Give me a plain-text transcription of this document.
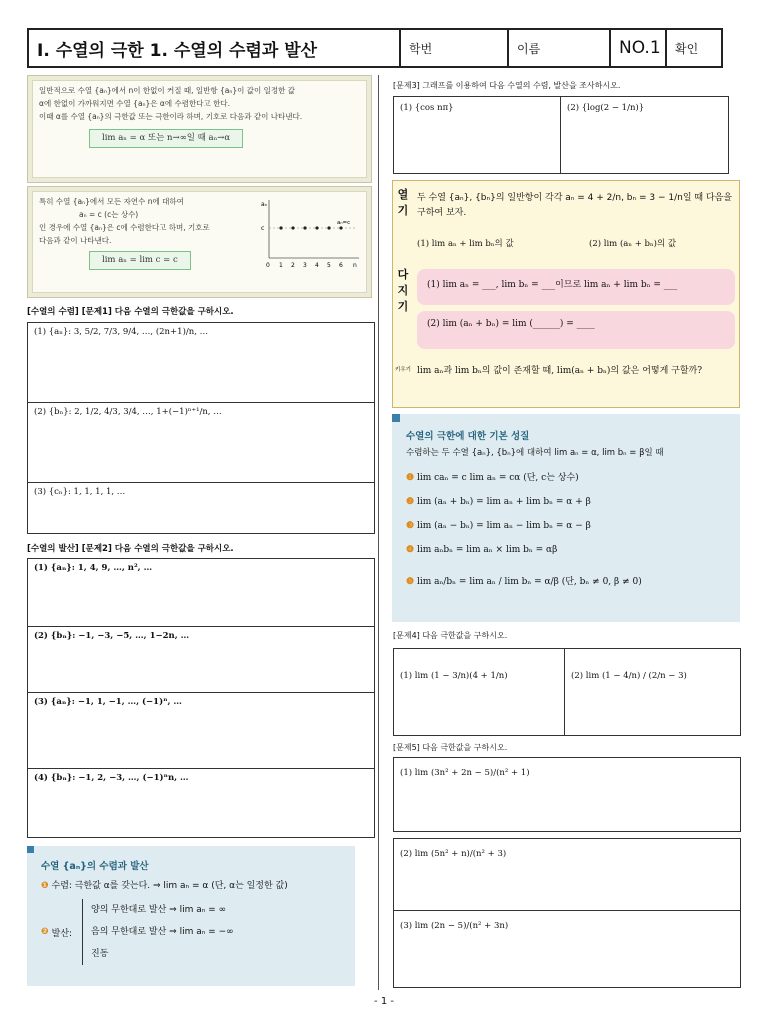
Ⅰ. 수열의 극한 1. 수열의 수렴과 발산	학번	이름	NO.1	확인
일반적으로 수열 {aₙ}에서 n이 한없이 커질 때, 일반항 {aₙ}이 값이 일정한 값
α에 한없이 가까워지면 수열 {aₙ}은 α에 수렴한다고 한다.
이때 α를 수열 {aₙ}의 극한값 또는 극한이라 하며, 기호로 다음과 같이 나타낸다.
lim aₙ = α 또는 n→∞일 때 aₙ→α
특히 수열 {aₙ}에서 모든 자연수 n에 대하여
aₙ = c (c는 상수)
인 경우에 수열 {aₙ}은 c에 수렴한다고 하며, 기호로
다음과 같이 나타낸다.
lim aₙ = lim c = c
aₙ
c
aₙ=c
0 1 2 3 4 5 6 n
[수열의 수렴] [문제1] 다음 수열의 극한값을 구하시오.
(1) {aₙ}: 3, 5/2, 7/3, 9/4, …, (2n+1)/n, …
(2) {bₙ}: 2, 1/2, 4/3, 3/4, …, 1+(−1)ⁿ⁺¹/n, …
(3) {cₙ}: 1, 1, 1, 1, …
[수열의 발산] [문제2] 다음 수열의 극한값을 구하시오.
(1) {aₙ}: 1, 4, 9, …, n², …
(2) {bₙ}: −1, −3, −5, …, 1−2n, …
(3) {aₙ}: −1, 1, −1, …, (−1)ⁿ, …
(4) {bₙ}: −1, 2, −3, …, (−1)ⁿn, …
수열 {aₙ}의 수렴과 발산
❶ 수렴: 극한값 α를 갖는다. ⇒ lim aₙ = α (단, α는 일정한 값)
❷ 발산:
양의 무한대로 발산 ⇒ lim aₙ = ∞
음의 무한대로 발산 ⇒ lim aₙ = −∞
진동
[문제3] 그래프를 이용하여 다음 수열의 수렴, 발산을 조사하시오.
(1) {cos nπ}	(2) {log(2 − 1/n)}
열기
두 수열 {aₙ}, {bₙ}의 일반항이 각각 aₙ = 4 + 2/n, bₙ = 3 − 1/n일 때 다음을 구하여 보자.
(1) lim aₙ + lim bₙ의 값	(2) lim (aₙ + bₙ)의 값
다지기
(1) lim aₙ = ___, lim bₙ = ___이므로 lim aₙ + lim bₙ = ___
(2) lim (aₙ + bₙ) = lim (______) = ____
키우기 lim aₙ과 lim bₙ의 값이 존재할 때, lim(aₙ + bₙ)의 값은 어떻게 구할까?
수열의 극한에 대한 기본 성질
수렴하는 두 수열 {aₙ}, {bₙ}에 대하여 lim aₙ = α, lim bₙ = β일 때
❶ lim caₙ = c lim aₙ = cα (단, c는 상수)
❷ lim (aₙ + bₙ) = lim aₙ + lim bₙ = α + β
❸ lim (aₙ − bₙ) = lim aₙ − lim bₙ = α − β
❹ lim aₙbₙ = lim aₙ × lim bₙ = αβ
❺ lim aₙ/bₙ = lim aₙ / lim bₙ = α/β (단, bₙ ≠ 0, β ≠ 0)
[문제4] 다음 극한값을 구하시오.
(1) lim (1 − 3/n)(4 + 1/n)	(2) lim (1 − 4/n) / (2/n − 3)
[문제5] 다음 극한값을 구하시오.
(1) lim (3n² + 2n − 5)/(n² + 1)
(2) lim (5n² + n)/(n² + 3)
(3) lim (2n − 5)/(n² + 3n)
- 1 -
